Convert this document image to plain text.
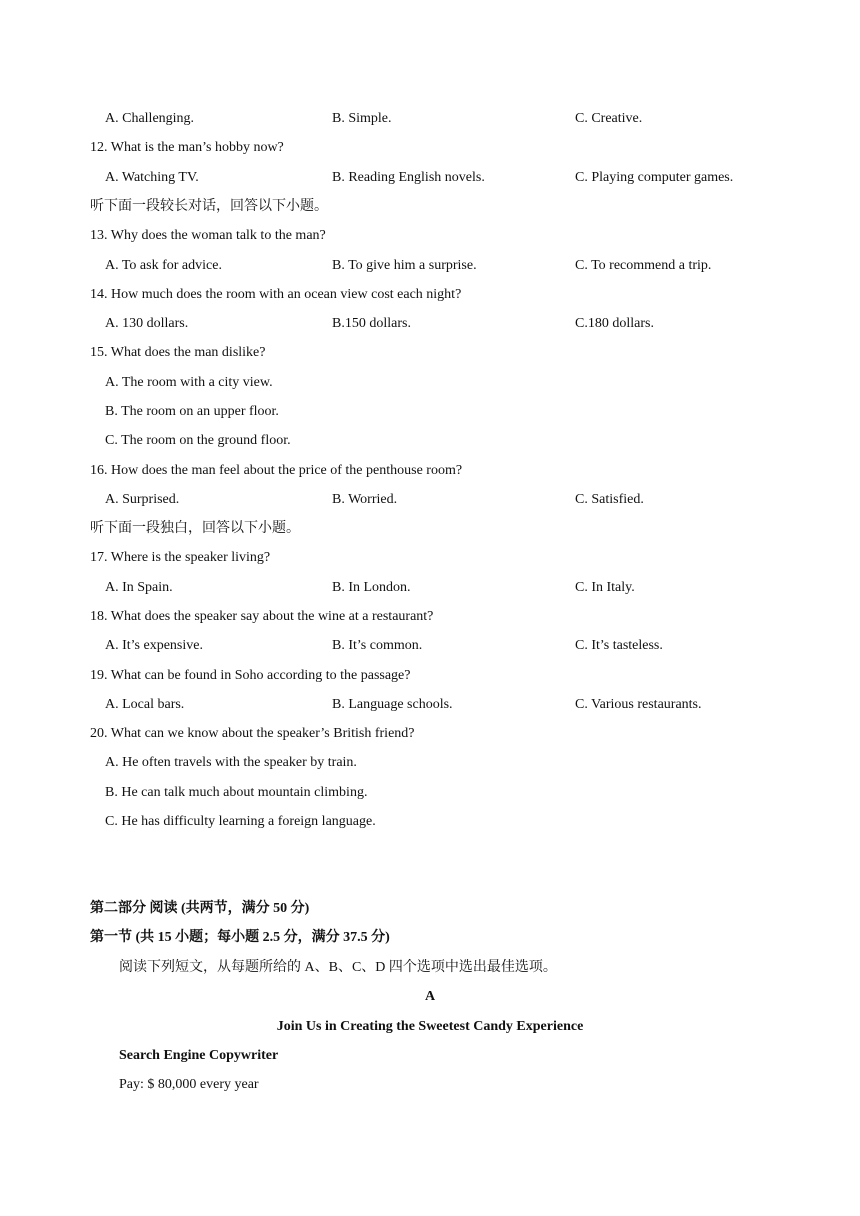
A. Challenging.	B. Simple.	C. Creative.
12. What is the man’s hobby now?
A. Watching TV.	B. Reading English novels.	C. Playing computer games.
听下面一段较长对话，回答以下小题。
13. Why does the woman talk to the man?
A. To ask for advice.	B. To give him a surprise.	C. To recommend a trip.
14. How much does the room with an ocean view cost each night?
A. 130 dollars.	B.150 dollars.	C.180 dollars.
15. What does the man dislike?
A. The room with a city view.
B. The room on an upper floor.
C. The room on the ground floor.
16. How does the man feel about the price of the penthouse room?
A. Surprised.	B. Worried.	C. Satisfied.
听下面一段独白，回答以下小题。
17. Where is the speaker living?
A. In Spain.	B. In London.	C. In Italy.
18. What does the speaker say about the wine at a restaurant?
A. It’s expensive.	B. It’s common.	C. It’s tasteless.
19. What can be found in Soho according to the passage?
A. Local bars.	B. Language schools.	C. Various restaurants.
20. What can we know about the speaker’s British friend?
A. He often travels with the speaker by train.
B. He can talk much about mountain climbing.
C. He has difficulty learning a foreign language.
第二部分 阅读 (共两节，满分 50 分)
第一节 (共 15 小题；每小题 2.5 分，满分 37.5 分)
阅读下列短文，从每题所给的 A、B、C、D 四个选项中选出最佳选项。
A
Join Us in Creating the Sweetest Candy Experience
Search Engine Copywriter
Pay: $ 80,000 every year
